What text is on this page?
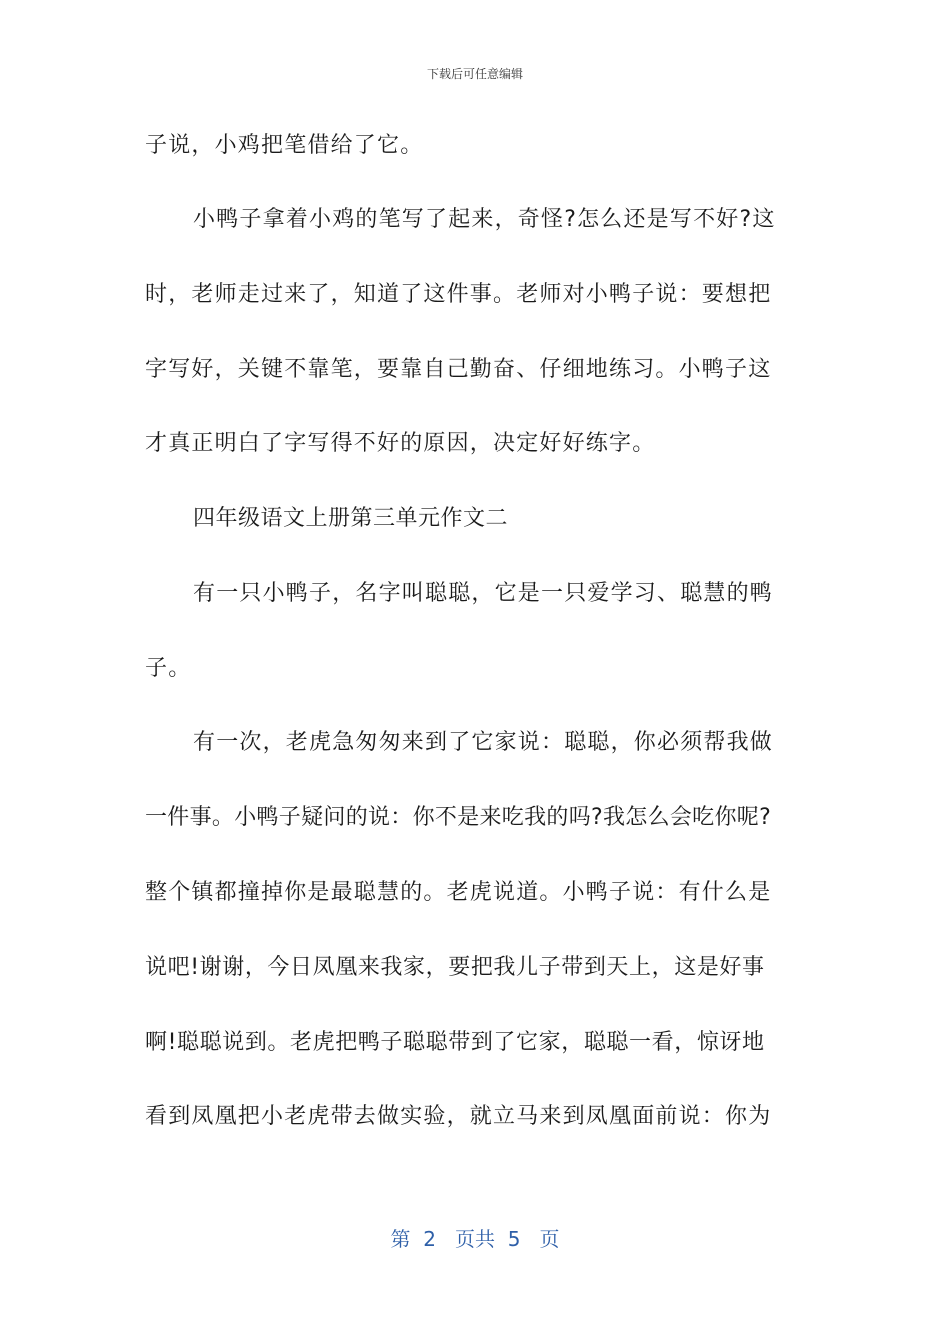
下载后可任意编辑
子说，小鸡把笔借给了它。
小鸭子拿着小鸡的笔写了起来，奇怪?怎么还是写不好?这
时，老师走过来了，知道了这件事。老师对小鸭子说：要想把
字写好，关键不靠笔，要靠自己勤奋、仔细地练习。小鸭子这
才真正明白了字写得不好的原因，决定好好练字。
四年级语文上册第三单元作文二
有一只小鸭子，名字叫聪聪，它是一只爱学习、聪慧的鸭
子。
有一次，老虎急匆匆来到了它家说：聪聪，你必须帮我做
一件事。小鸭子疑问的说：你不是来吃我的吗?我怎么会吃你呢?
整个镇都撞掉你是最聪慧的。老虎说道。小鸭子说：有什么是
说吧!谢谢，今日凤凰来我家，要把我儿子带到天上，这是好事
啊!聪聪说到。老虎把鸭子聪聪带到了它家，聪聪一看，惊讶地
看到凤凰把小老虎带去做实验，就立马来到凤凰面前说：你为
第  2   页共  5   页
